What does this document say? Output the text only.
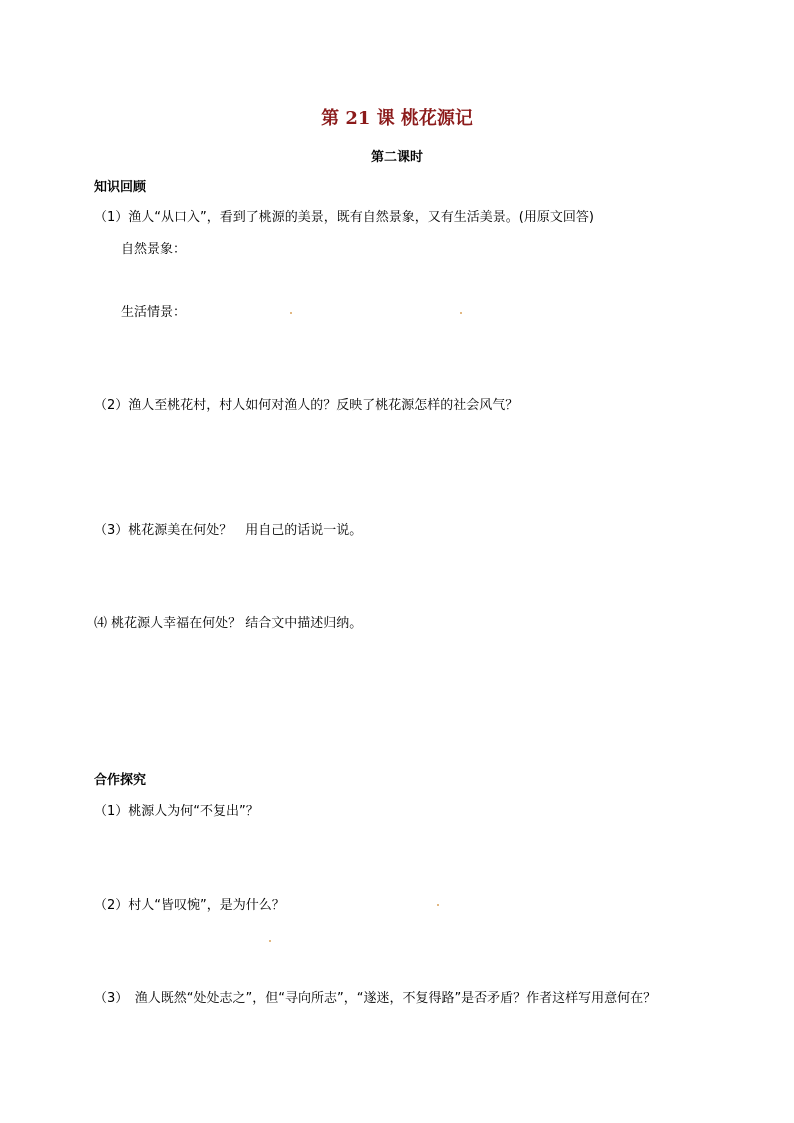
第 21 课 桃花源记
第二课时
知识回顾
（1）渔人“从口入”，看到了桃源的美景，既有自然景象，又有生活美景。(用原文回答)
自然景象：
生活情景：
（2）渔人至桃花村，村人如何对渔人的？反映了桃花源怎样的社会风气？
（3）桃花源美在何处？　用自己的话说一说。
⑷ 桃花源人幸福在何处？ 结合文中描述归纳。
合作探究
（1）桃源人为何“不复出”？
（2）村人“皆叹惋”，是为什么？
（3）　渔人既然“处处志之”，但“寻向所志”，“遂迷，不复得路”是否矛盾？作者这样写用意何在？
